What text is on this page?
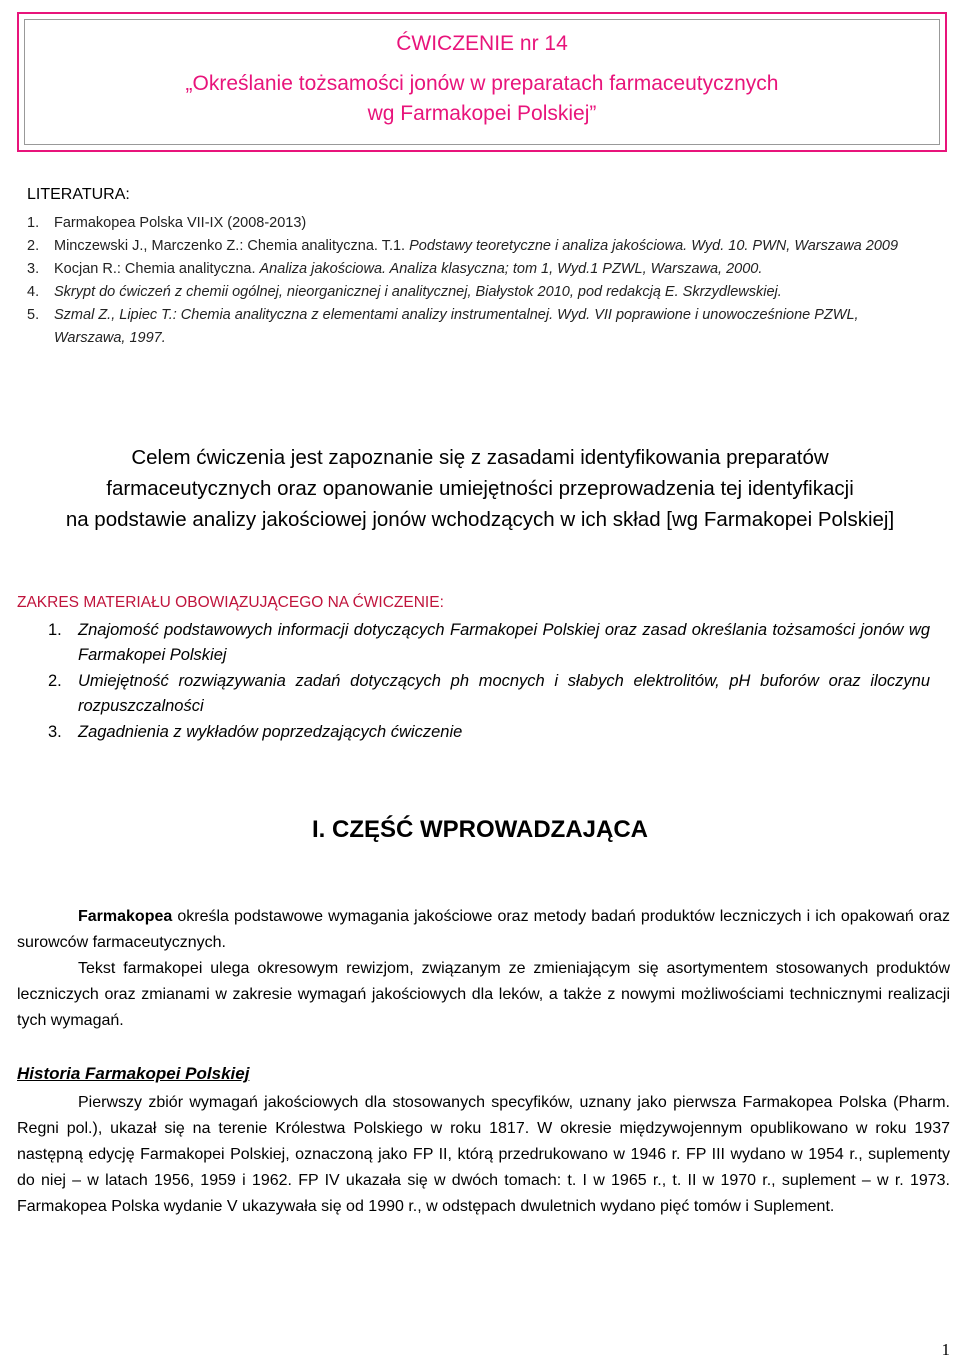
ĆWICZENIE nr 14
„Określanie tożsamości jonów w preparatach farmaceutycznych
wg Farmakopei Polskiej”
LITERATURA:
1. Farmakopea Polska VII-IX (2008-2013)
2. Minczewski J., Marczenko Z.: Chemia analityczna. T.1. Podstawy teoretyczne i analiza jakościowa. Wyd. 10. PWN, Warszawa 2009
3. Kocjan R.: Chemia analityczna. Analiza jakościowa. Analiza klasyczna; tom 1, Wyd.1 PZWL, Warszawa, 2000.
4. Skrypt do ćwiczeń z chemii ogólnej, nieorganicznej i analitycznej, Białystok 2010, pod redakcją E. Skrzydlewskiej.
5. Szmal Z., Lipiec T.: Chemia analityczna z elementami analizy instrumentalnej. Wyd. VII poprawione i unowocześnione PZWL, Warszawa, 1997.
Celem ćwiczenia jest zapoznanie się z zasadami identyfikowania preparatów
farmaceutycznych oraz opanowanie umiejętności przeprowadzenia tej identyfikacji
na podstawie analizy jakościowej jonów wchodzących w ich skład [wg Farmakopei Polskiej]
ZAKRES MATERIAŁU OBOWIĄZUJĄCEGO NA ĆWICZENIE:
1. Znajomość podstawowych informacji dotyczących Farmakopei Polskiej oraz zasad określania tożsamości jonów wg Farmakopei Polskiej
2. Umiejętność rozwiązywania zadań dotyczących ph mocnych i słabych elektrolitów, pH buforów oraz iloczynu rozpuszczalności
3. Zagadnienia z wykładów poprzedzających ćwiczenie
I. CZĘŚĆ WPROWADZAJĄCA
Farmakopea określa podstawowe wymagania jakościowe oraz metody badań produktów leczniczych i ich opakowań oraz surowców farmaceutycznych.
Tekst farmakopei ulega okresowym rewizjom, związanym ze zmieniającym się asortymentem stosowanych produktów leczniczych oraz zmianami w zakresie wymagań jakościowych dla leków, a także z nowymi możliwościami technicznymi realizacji tych wymagań.
Historia Farmakopei Polskiej
Pierwszy zbiór wymagań jakościowych dla stosowanych specyfików, uznany jako pierwsza Farmakopea Polska (Pharm. Regni pol.), ukazał się na terenie Królestwa Polskiego w roku 1817. W okresie międzywojennym opublikowano w roku 1937 następną edycję Farmakopei Polskiej, oznaczoną jako FP II, którą przedrukowano w 1946 r. FP III wydano w 1954 r., suplementy do niej – w latach 1956, 1959 i 1962. FP IV ukazała się w dwóch tomach: t. I w 1965 r., t. II w 1970 r., suplement – w r. 1973. Farmakopea Polska wydanie V ukazywała się od 1990 r., w odstępach dwuletnich wydano pięć tomów i Suplement.
1
